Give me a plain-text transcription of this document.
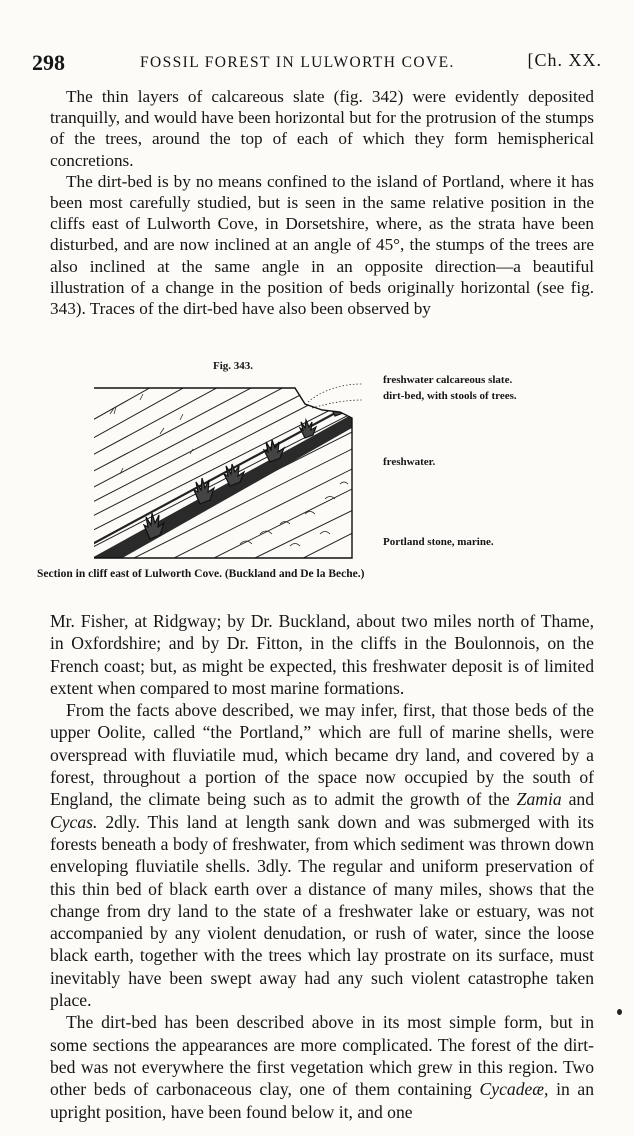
298	FOSSIL FOREST IN LULWORTH COVE.	[Ch. XX.

The thin layers of calcareous slate (fig. 342) were evidently deposited tranquilly, and would have been horizontal but for the protrusion of the stumps of the trees, around the top of each of which they form hemispherical concretions.

The dirt-bed is by no means confined to the island of Portland, where it has been most carefully studied, but is seen in the same relative position in the cliffs east of Lulworth Cove, in Dorsetshire, where, as the strata have been disturbed, and are now inclined at an angle of 45°, the stumps of the trees are also inclined at the same angle in an opposite direction—a beautiful illustration of a change in the position of beds originally horizontal (see fig. 343). Traces of the dirt-bed have also been observed by

Fig. 343.
freshwater calcareous slate.
dirt-bed, with stools of trees.
freshwater.
Portland stone, marine.
Section in cliff east of Lulworth Cove. (Buckland and De la Beche.)

Mr. Fisher, at Ridgway; by Dr. Buckland, about two miles north of Thame, in Oxfordshire; and by Dr. Fitton, in the cliffs in the Boulonnois, on the French coast; but, as might be expected, this freshwater deposit is of limited extent when compared to most marine formations.

From the facts above described, we may infer, first, that those beds of the upper Oolite, called “the Portland,” which are full of marine shells, were overspread with fluviatile mud, which became dry land, and covered by a forest, throughout a portion of the space now occupied by the south of England, the climate being such as to admit the growth of the Zamia and Cycas. 2dly. This land at length sank down and was submerged with its forests beneath a body of freshwater, from which sediment was thrown down enveloping fluviatile shells. 3dly. The regular and uniform preservation of this thin bed of black earth over a distance of many miles, shows that the change from dry land to the state of a freshwater lake or estuary, was not accompanied by any violent denudation, or rush of water, since the loose black earth, together with the trees which lay prostrate on its surface, must inevitably have been swept away had any such violent catastrophe taken place.

The dirt-bed has been described above in its most simple form, but in some sections the appearances are more complicated. The forest of the dirt-bed was not everywhere the first vegetation which grew in this region. Two other beds of carbonaceous clay, one of them containing Cycadeæ, in an upright position, have been found below it, and one
